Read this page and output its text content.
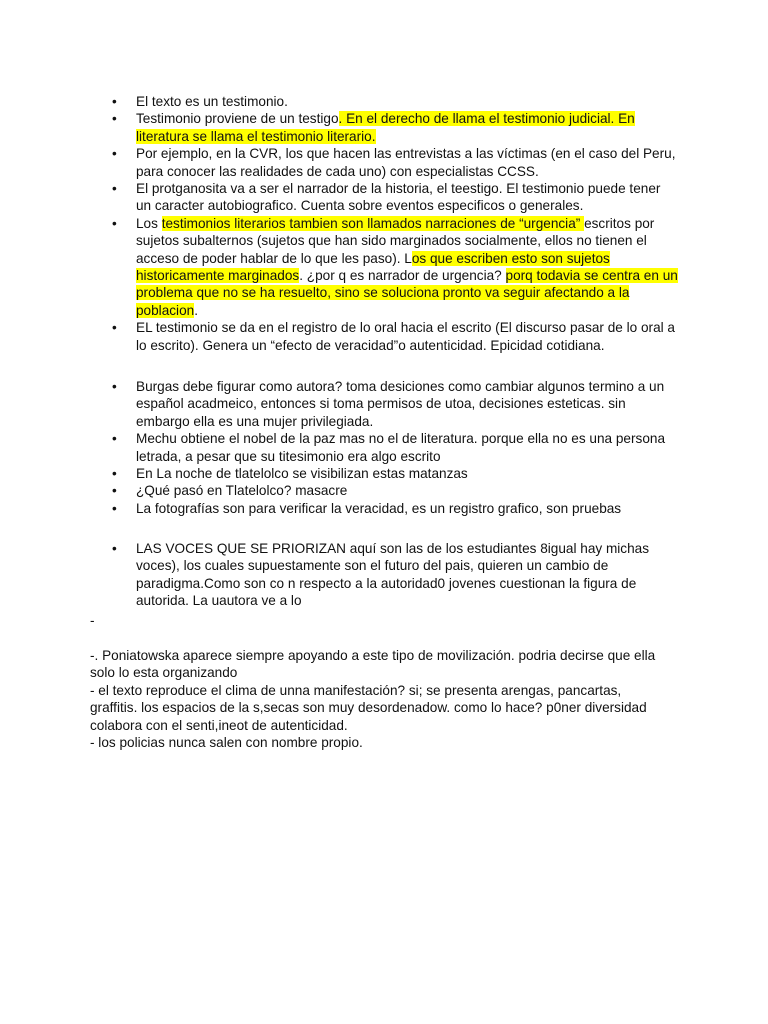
• El texto es un testimonio.
• Testimonio proviene de un testigo. En el derecho de llama el testimonio judicial. En literatura se llama el testimonio literario.
• Por ejemplo, en la CVR, los que hacen las entrevistas a las víctimas (en el caso del Peru, para conocer las realidades de cada uno) con especialistas CCSS.
• El protganosita va a ser el narrador de la historia, el teestigo. El testimonio puede tener un caracter autobiografico. Cuenta sobre eventos especificos o generales.
• Los testimonios literarios tambien son llamados narraciones de “urgencia” escritos por sujetos subalternos (sujetos que han sido marginados socialmente, ellos no tienen el acceso de poder hablar de lo que les paso). Los que escriben esto son sujetos historicamente marginados. ¿por q es narrador de urgencia? porq todavia se centra en un problema que no se ha resuelto, sino se soluciona pronto va seguir afectando a la poblacion.
• EL testimonio se da en el registro de lo oral hacia el escrito (El discurso pasar de lo oral a lo escrito). Genera un “efecto de veracidad”o autenticidad. Epicidad cotidiana.
• Burgas debe figurar como autora? toma desiciones como cambiar algunos termino a un español acadmeico, entonces si toma permisos de utoa, decisiones esteticas. sin embargo ella es una mujer privilegiada.
• Mechu obtiene el nobel de la paz mas no el de literatura. porque ella no es una persona letrada, a pesar que su titesimonio era algo escrito
• En La noche de tlatelolco se visibilizan estas matanzas
• ¿Qué pasó en Tlatelolco? masacre
• La fotografías son para verificar la veracidad, es un registro grafico, son pruebas
• LAS VOCES QUE SE PRIORIZAN aquí son las de los estudiantes 8igual hay michas voces), los cuales supuestamente son el futuro del pais, quieren un cambio de paradigma.Como son co n respecto a la autoridad0 jovenes cuestionan la figura de autorida. La uautora ve a lo

-

-. Poniatowska aparece siempre apoyando a este tipo de movilización. podria decirse que ella solo lo esta organizando
- el texto reproduce el clima de unna manifestación? si; se presenta arengas, pancartas, graffitis. los espacios de la s,secas son muy desordenadow. como lo hace? p0ner diversidad colabora con el senti,ineot de autenticidad.
- los policias nunca salen con nombre propio.
